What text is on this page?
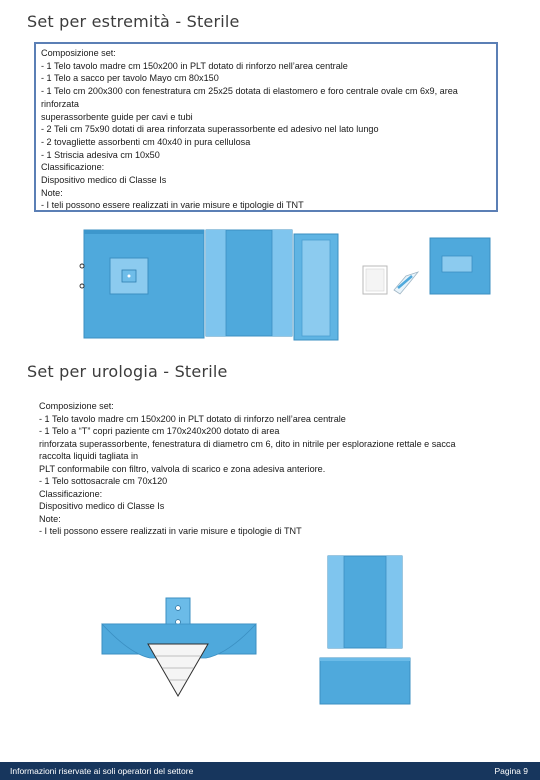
Set per estremità - Sterile
Composizione set:
- 1 Telo tavolo madre cm 150x200 in PLT dotato di rinforzo nell’area centrale
- 1 Telo a sacco per tavolo Mayo cm 80x150
- 1 Telo cm 200x300 con fenestratura cm 25x25 dotata di elastomero e foro centrale ovale cm 6x9, area
rinforzata
superassorbente guide per cavi e tubi
- 2 Teli cm 75x90 dotati di area rinforzata superassorbente ed adesivo nel lato lungo
- 2 tovagliette assorbenti cm 40x40 in pura cellulosa
- 1 Striscia adesiva cm 10x50
Classificazione:
Dispositivo medico di Classe Is
Note:
- I teli possono essere realizzati in varie misure e tipologie di TNT
Set per urologia - Sterile
Composizione set:
- 1 Telo tavolo madre cm 150x200 in PLT dotato di rinforzo nell’area centrale
- 1 Telo a “T” copri paziente cm 170x240x200 dotato di area
rinforzata superassorbente, fenestratura di diametro cm 6, dito in nitrile per esplorazione rettale e sacca
raccolta liquidi tagliata in
PLT conformabile con filtro, valvola di scarico e zona adesiva anteriore.
- 1 Telo sottosacrale cm 70x120
Classificazione:
Dispositivo medico di Classe Is
Note:
- I teli possono essere realizzati in varie misure e tipologie di TNT
Informazioni riservate ai soli operatori del settore	Pagina 9
